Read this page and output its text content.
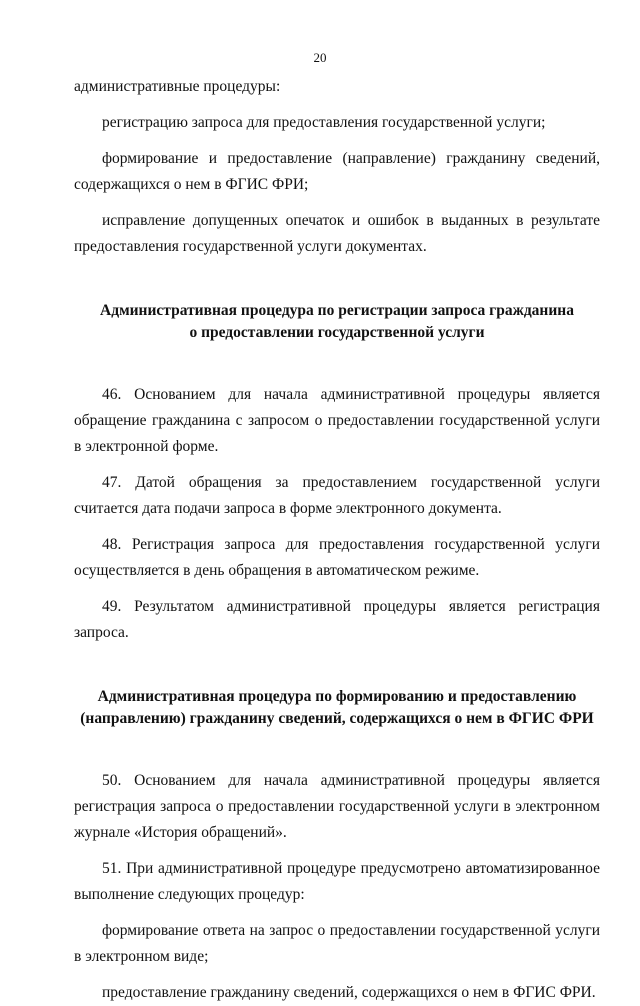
20

административные процедуры:

регистрацию запроса для предоставления государственной услуги;

формирование и предоставление (направление) гражданину сведений, содержащихся о нем в ФГИС ФРИ;

исправление допущенных опечаток и ошибок в выданных в результате предоставления государственной услуги документах.

Административная процедура по регистрации запроса гражданина
о предоставлении государственной услуги

46. Основанием для начала административной процедуры является обращение гражданина с запросом о предоставлении государственной услуги в электронной форме.

47. Датой обращения за предоставлением государственной услуги считается дата подачи запроса в форме электронного документа.

48. Регистрация запроса для предоставления государственной услуги осуществляется в день обращения в автоматическом режиме.

49. Результатом административной процедуры является регистрация запроса.

Административная процедура по формированию и предоставлению
(направлению) гражданину сведений, содержащихся о нем в ФГИС ФРИ

50. Основанием для начала административной процедуры является регистрация запроса о предоставлении государственной услуги в электронном журнале «История обращений».

51. При административной процедуре предусмотрено автоматизированное выполнение следующих процедур:

формирование ответа на запрос о предоставлении государственной услуги в электронном виде;

предоставление гражданину сведений, содержащихся о нем в ФГИС ФРИ.
